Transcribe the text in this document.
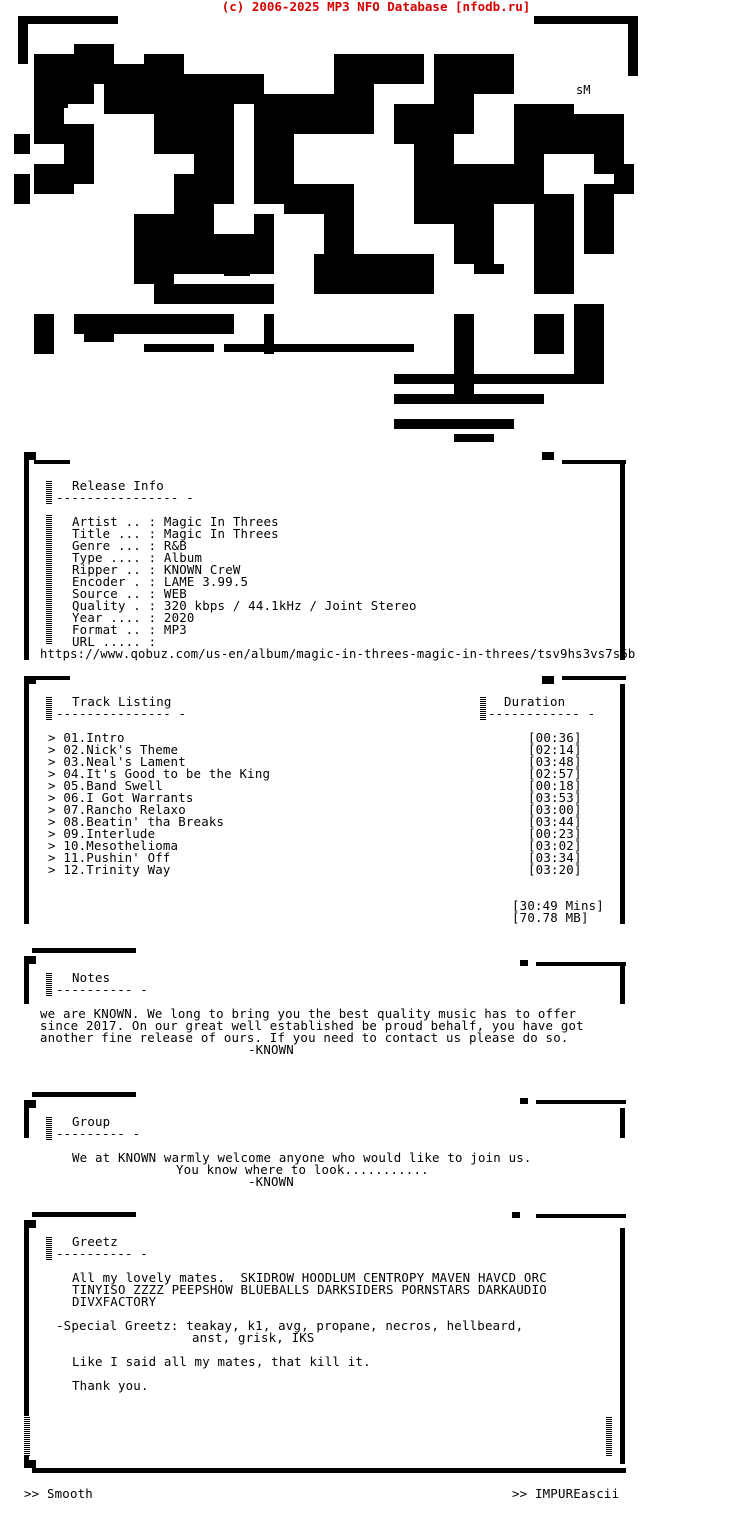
(c) 2006-2025 MP3 NFO Database [nfodb.ru]
sM
Release Info
---------------- -
Artist .. : Magic In Threes
Title ... : Magic In Threes
Genre ... : R&B
Type .... : Album
Ripper .. : KNOWN CreW
Encoder . : LAME 3.99.5
Source .. : WEB
Quality . : 320 kbps / 44.1kHz / Joint Stereo
Year .... : 2020
Format .. : MP3
URL ..... :
https://www.qobuz.com/us-en/album/magic-in-threes-magic-in-threes/tsv9hs3vs7s6b
Track Listing
--------------- -
Duration
------------ -
> 01.Intro	[00:36]
> 02.Nick's Theme	[02:14]
> 03.Neal's Lament	[03:48]
> 04.It's Good to be the King	[02:57]
> 05.Band Swell	[00:18]
> 06.I Got Warrants	[03:53]
> 07.Rancho Relaxo	[03:00]
> 08.Beatin' tha Breaks	[03:44]
> 09.Interlude	[00:23]
> 10.Mesothelioma	[03:02]
> 11.Pushin' Off	[03:34]
> 12.Trinity Way	[03:20]
[30:49 Mins]
[70.78 MB]
Notes
---------- -
we are KNOWN. We long to bring you the best quality music has to offer
since 2017. On our great well established be proud behalf, you have got
another fine release of ours. If you need to contact us please do so.
-KNOWN
Group
--------- -
We at KNOWN warmly welcome anyone who would like to join us.
You know where to look...........
-KNOWN
Greetz
---------- -
All my lovely mates.  SKIDROW HOODLUM CENTROPY MAVEN HAVCD ORC
TINYISO ZZZZ PEEPSHOW BLUEBALLS DARKSIDERS PORNSTARS DARKAUDIO
DIVXFACTORY
-Special Greetz: teakay, k1, avg, propane, necros, hellbeard,
anst, grisk, IKS
Like I said all my mates, that kill it.
Thank you.
>> Smooth	>> IMPUREascii
